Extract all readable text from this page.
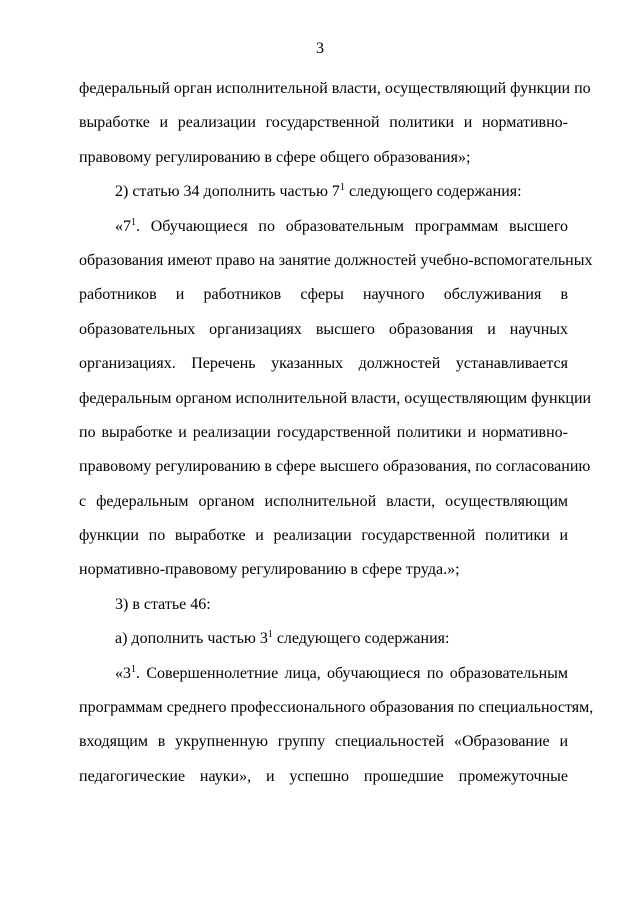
3
федеральный орган исполнительной власти, осуществляющий функции по
выработке и реализации государственной политики и нормативно-
правовому регулированию в сфере общего образования»;
2) статью 34 дополнить частью $7^1$ следующего содержания:
«$7^1$. Обучающиеся по образовательным программам высшего
образования имеют право на занятие должностей учебно-вспомогательных
работников и работников сферы научного обслуживания в
образовательных организациях высшего образования и научных
организациях. Перечень указанных должностей устанавливается
федеральным органом исполнительной власти, осуществляющим функции
по выработке и реализации государственной политики и нормативно-
правовому регулированию в сфере высшего образования, по согласованию
с федеральным органом исполнительной власти, осуществляющим
функции по выработке и реализации государственной политики и
нормативно-правовому регулированию в сфере труда.»;
3) в статье 46:
а) дополнить частью $3^1$ следующего содержания:
«$3^1$. Совершеннолетние лица, обучающиеся по образовательным
программам среднего профессионального образования по специальностям,
входящим в укрупненную группу специальностей «Образование и
педагогические науки», и успешно прошедшие промежуточные
